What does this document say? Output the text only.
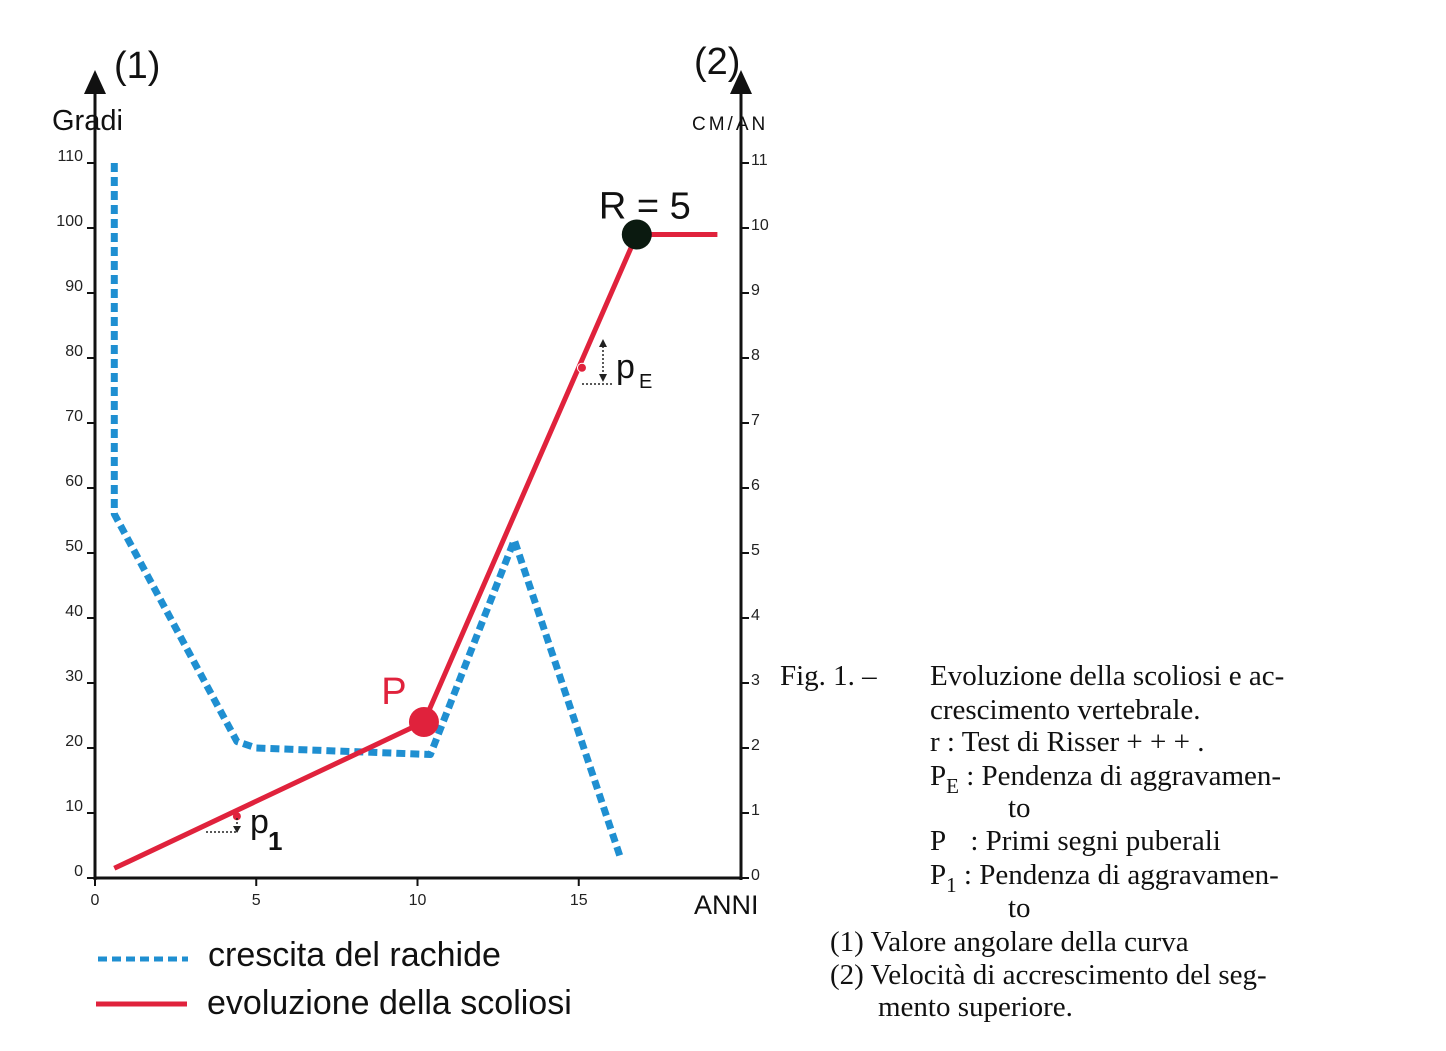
(1)
Gradi
(2)
CM/AN
ANNI
0
10
20
30
40
50
60
70
80
90
100
110
0
1
2
3
4
5
6
7
8
9
10
11
0	5	10	15
P
R = 5
p 1
p E
crescita del rachide
evoluzione della scoliosi
Fig. 1. – Evoluzione della scoliosi e ac-
crescimento vertebrale.
r : Test di Risser + + + .
$P_E$ : Pendenza di aggravamen-
to
P : Primi segni puberali
$P_1$ : Pendenza di aggravamen-
to
(1) Valore angolare della curva
(2) Velocità di accrescimento del seg-
mento superiore.
